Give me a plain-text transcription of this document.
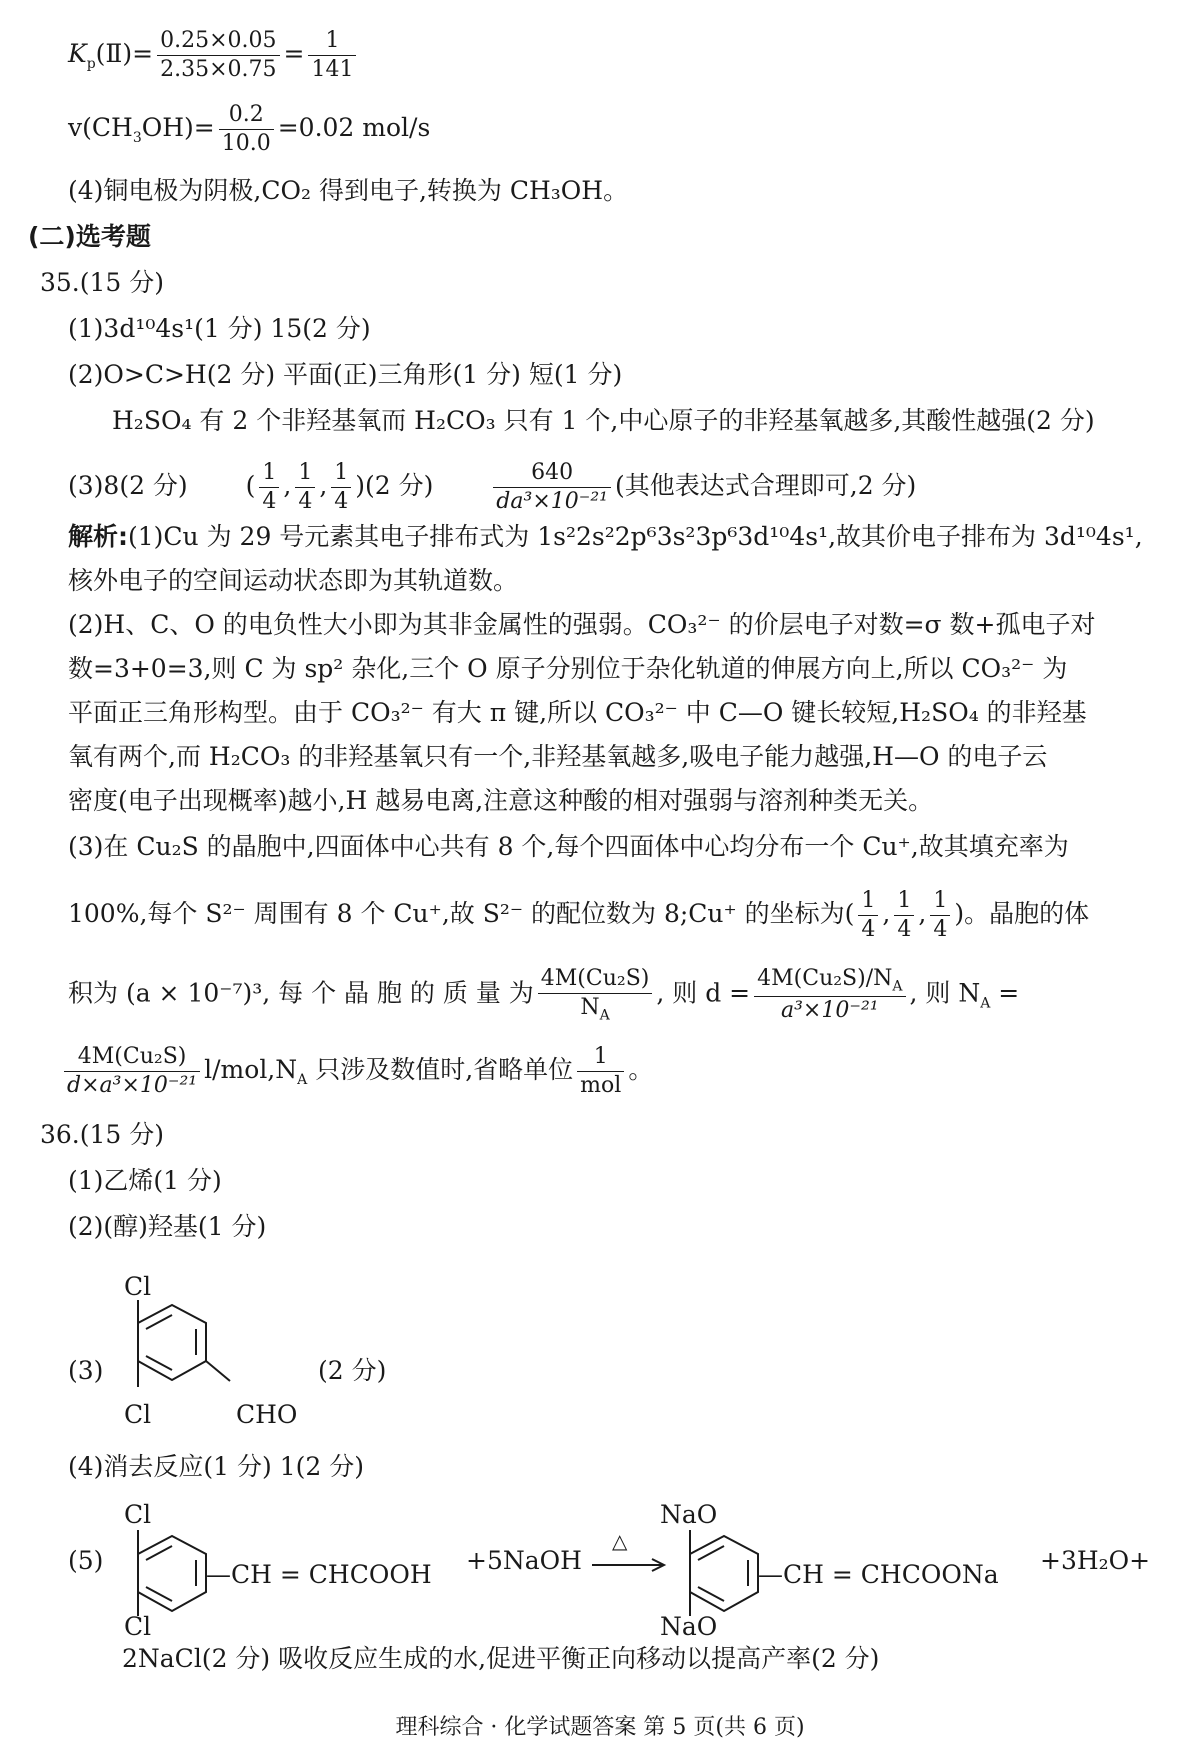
$K_p(Ⅱ)= \frac{0.25\times 0.05}{2.35\times 0.75} = \frac{1}{141}$
$v(CH_3OH)= \frac{0.2}{10.0} =0.02$ mol/s
(4)铜电极为阴极,CO₂ 得到电子,转换为 CH₃OH。
(二)选考题
35.(15 分)
(1)3d¹⁰4s¹(1 分) 15(2 分)
(2)O>C>H(2 分) 平面(正)三角形(1 分) 短(1 分)
H₂SO₄ 有 2 个非羟基氧而 H₂CO₃ 只有 1 个,中心原子的非羟基氧越多,其酸性越强(2 分)
(3)8(2 分) ( $\frac{1}{4}$ , $\frac{1}{4}$ , $\frac{1}{4} )(2$ 分)	$\frac{640}{\text{da³×10⁻²¹}}$ (其他表达式合理即可,2 分)
解析:(1)Cu 为 29 号元素其电子排布式为 1s²2s²2p⁶3s²3p⁶3d¹⁰4s¹,故其价电子排布为 3d¹⁰4s¹,
核外电子的空间运动状态即为其轨道数。
(2)H、C、O 的电负性大小即为其非金属性的强弱。CO₃²⁻ 的价层电子对数=σ 数+孤电子对
数=3+0=3,则 C 为 sp² 杂化,三个 O 原子分别位于杂化轨道的伸展方向上,所以 CO₃²⁻ 为
平面正三角形构型。由于 CO₃²⁻ 有大 π 键,所以 CO₃²⁻ 中 C—O 键长较短,H₂SO₄ 的非羟基
氧有两个,而 H₂CO₃ 的非羟基氧只有一个,非羟基氧越多,吸电子能力越强,H—O 的电子云
密度(电子出现概率)越小,H 越易电离,注意这种酸的相对强弱与溶剂种类无关。
(3)在 Cu₂S 的晶胞中,四面体中心共有 8 个,每个四面体中心均分布一个 Cu⁺,故其填充率为
100%,每个 S²⁻ 周围有 8 个 Cu⁺,故 S²⁻ 的配位数为 8;Cu⁺ 的坐标为( $\frac{1}{4}$ , $\frac{1}{4}$ , $\frac{1}{4}$ )。晶胞的体
积为 (a × 10⁻⁷)³, 每 个 晶 胞 的 质 量 为 $\frac{\text{4M(Cu₂S)}}{N_A}$ , 则 $d = \frac{4M(Cu_2S)/N_A}{\text{a³×10⁻²¹}}$ , 则 $N_A$ =
$\frac{\text{4M(Cu₂S)}}{\text{d×a³×10⁻²¹}} l/mol,N_A$ 只涉及数值时,省略单位 $\frac{1}{\text{mol}}$ 。
36.(15 分)
(1)乙烯(1 分)
(2)(醇)羟基(1 分)
(3)
Cl
Cl	CHO
(2 分)
(4)消去反应(1 分) 1(2 分)
(5)
Cl
Cl
—CH = CHCOOH +5NaOH
△
NaO
NaO
—CH = CHCOONa +3H₂O+
2NaCl(2 分) 吸收反应生成的水,促进平衡正向移动以提高产率(2 分)
理科综合 · 化学试题答案 第 5 页(共 6 页)
